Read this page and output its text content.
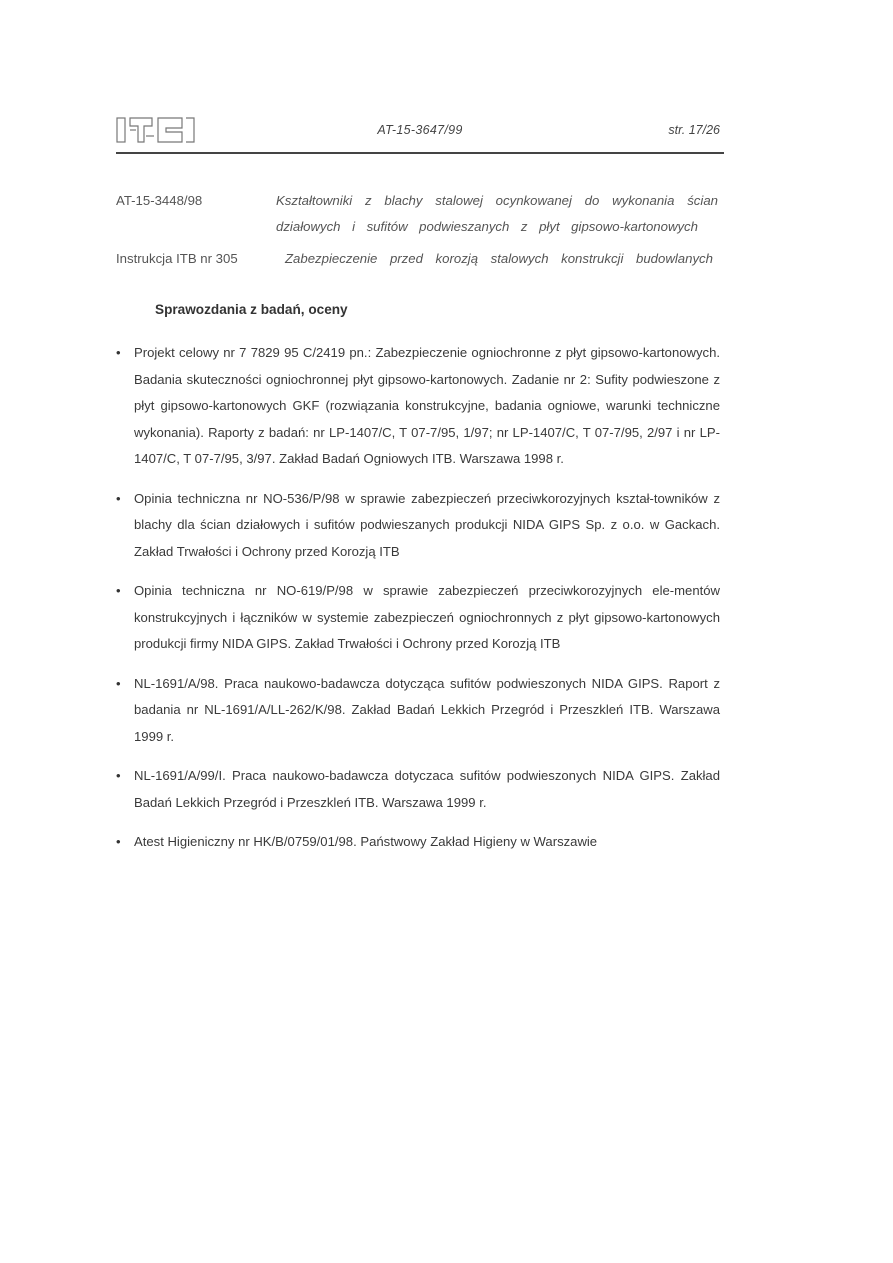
AT-15-3647/99	str. 17/26
AT-15-3448/98	Kształtowniki z blachy stalowej ocynkowanej do wykonania ścian
działowych i sufitów podwieszanych z płyt gipsowo-kartonowych
Instrukcja ITB nr 305	Zabezpieczenie przed korozją stalowych konstrukcji budowlanych
Sprawozdania z badań, oceny
• Projekt celowy nr 7 7829 95 C/2419 pn.: Zabezpieczenie ogniochronne z płyt gipsowo-kartonowych. Badania skuteczności ogniochronnej płyt gipsowo-kartonowych. Zadanie nr 2: Sufity podwieszone z płyt gipsowo-kartonowych GKF (rozwiązania konstrukcyjne, badania ogniowe, warunki techniczne wykonania). Raporty z badań: nr LP-1407/C, T 07-7/95, 1/97; nr LP-1407/C, T 07-7/95, 2/97 i nr LP-1407/C, T 07-7/95, 3/97. Zakład Badań Ogniowych ITB. Warszawa 1998 r.
• Opinia techniczna nr NO-536/P/98 w sprawie zabezpieczeń przeciwkorozyjnych kształ-towników z blachy dla ścian działowych i sufitów podwieszanych produkcji NIDA GIPS Sp. z o.o. w Gackach. Zakład Trwałości i Ochrony przed Korozją ITB
• Opinia techniczna nr NO-619/P/98 w sprawie zabezpieczeń przeciwkorozyjnych ele-mentów konstrukcyjnych i łączników w systemie zabezpieczeń ogniochronnych z płyt gipsowo-kartonowych produkcji firmy NIDA GIPS. Zakład Trwałości i Ochrony przed Korozją ITB
• NL-1691/A/98. Praca naukowo-badawcza dotycząca sufitów podwieszonych NIDA GIPS. Raport z badania nr NL-1691/A/LL-262/K/98. Zakład Badań Lekkich Przegród i Przeszkleń ITB. Warszawa 1999 r.
• NL-1691/A/99/I. Praca naukowo-badawcza dotyczaca sufitów podwieszonych NIDA GIPS. Zakład Badań Lekkich Przegród i Przeszkleń ITB. Warszawa 1999 r.
• Atest Higieniczny nr HK/B/0759/01/98. Państwowy Zakład Higieny w Warszawie
